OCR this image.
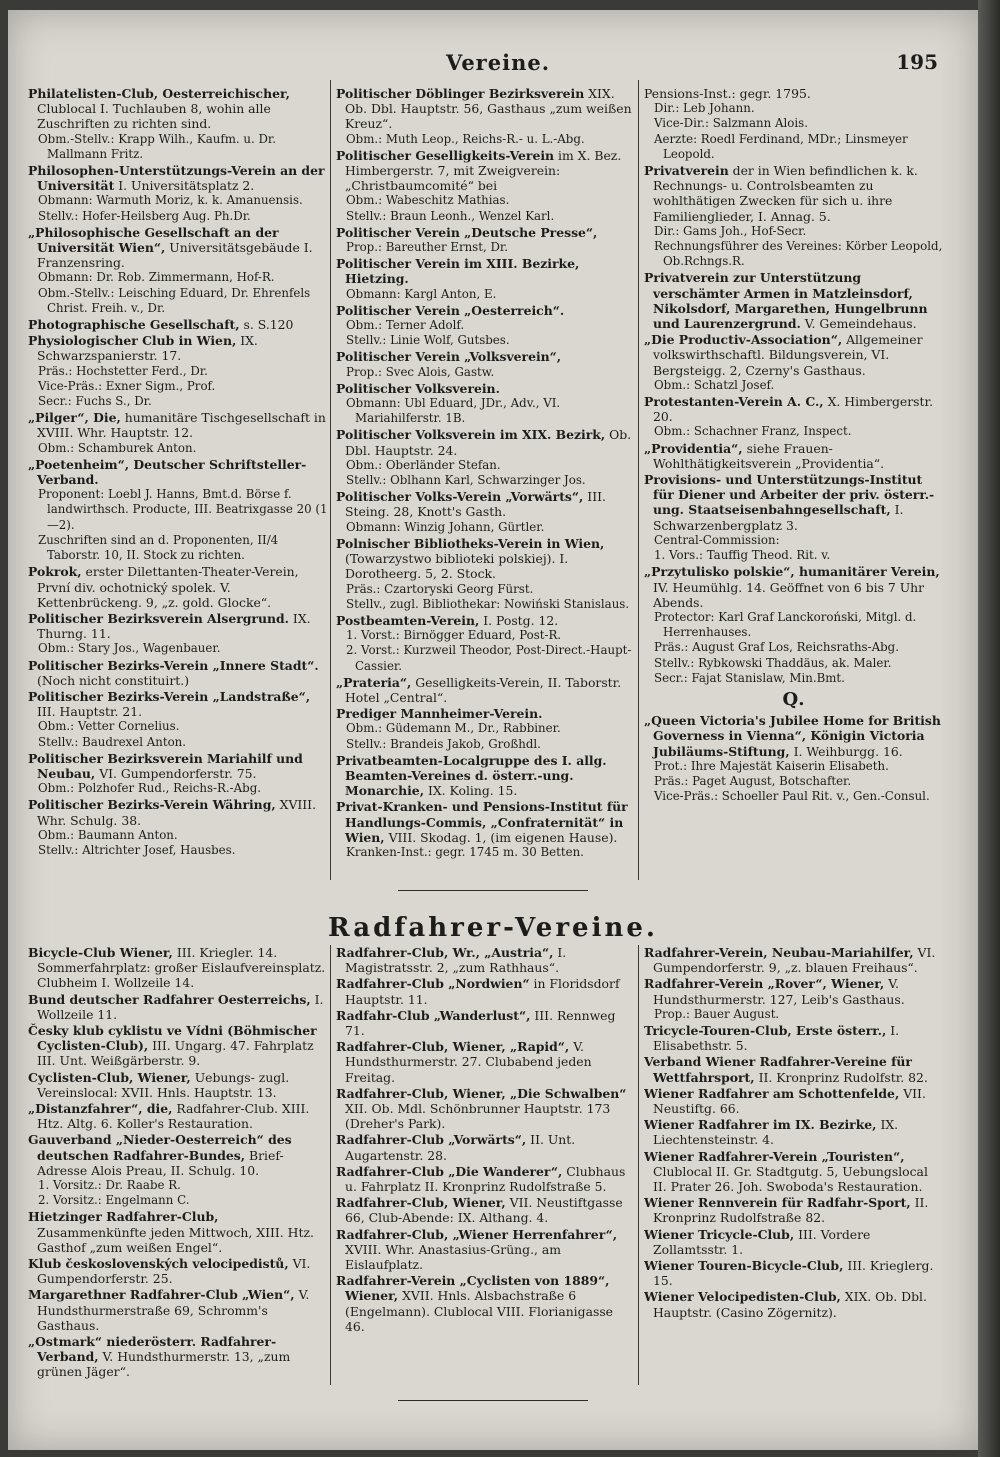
Vereine.	195
Philatelisten-Club, Oesterreichischer, Clublocal I. Tuchlauben 8, wohin alle Zuschriften zu richten sind.
Obm.-Stellv.: Krapp Wilh., Kaufm. u. Dr. Mallmann Fritz.
Philosophen-Unterstützungs-Verein an der Universität I. Universitätsplatz 2.
Obmann: Warmuth Moriz, k. k. Amanuensis.
Stellv.: Hofer-Heilsberg Aug. Ph.Dr.
„Philosophische Gesellschaft an der Universität Wien“, Universitätsgebäude I. Franzensring.
Obmann: Dr. Rob. Zimmermann, Hof-R.
Obm.-Stellv.: Leisching Eduard, Dr. Ehrenfels Christ. Freih. v., Dr.
Photographische Gesellschaft, s. S.120
Physiologischer Club in Wien, IX. Schwarzspanierstr. 17.
Präs.: Hochstetter Ferd., Dr.
Vice-Präs.: Exner Sigm., Prof.
Secr.: Fuchs S., Dr.
„Pilger“, Die, humanitäre Tischgesellschaft in XVIII. Whr. Hauptstr. 12.
Obm.: Schamburek Anton.
„Poetenheim“, Deutscher Schriftsteller-Verband.
Proponent: Loebl J. Hanns, Bmt.d. Börse f. landwirthsch. Producte, III. Beatrixgasse 20 (1—2).
Zuschriften sind an d. Proponenten, II/4 Taborstr. 10, II. Stock zu richten.
Pokrok, erster Dilettanten-Theater-Verein, První div. ochotnický spolek. V. Kettenbrückeng. 9, „z. gold. Glocke“.
Politischer Bezirksverein Alsergrund. IX. Thurng. 11.
Obm.: Stary Jos., Wagenbauer.
Politischer Bezirks-Verein „Innere Stadt“. (Noch nicht constituirt.)
Politischer Bezirks-Verein „Landstraße“, III. Hauptstr. 21.
Obm.: Vetter Cornelius.
Stellv.: Baudrexel Anton.
Politischer Bezirksverein Mariahilf und Neubau, VI. Gumpendorferstr. 75.
Obm.: Polzhofer Rud., Reichs-R.-Abg.
Politischer Bezirks-Verein Währing, XVIII. Whr. Schulg. 38.
Obm.: Baumann Anton.
Stellv.: Altrichter Josef, Hausbes.
Politischer Döblinger Bezirksverein XIX. Ob. Dbl. Hauptstr. 56, Gasthaus „zum weißen Kreuz“.
Obm.: Muth Leop., Reichs-R.- u. L.-Abg.
Politischer Geselligkeits-Verein im X. Bez. Himbergerstr. 7, mit Zweigverein: „Christbaumcomité“ bei
Obm.: Wabeschitz Mathias.
Stellv.: Braun Leonh., Wenzel Karl.
Politischer Verein „Deutsche Presse“,
Prop.: Bareuther Ernst, Dr.
Politischer Verein im XIII. Bezirke, Hietzing.
Obmann: Kargl Anton, E.
Politischer Verein „Oesterreich“.
Obm.: Terner Adolf.
Stellv.: Linie Wolf, Gutsbes.
Politischer Verein „Volksverein“,
Prop.: Svec Alois, Gastw.
Politischer Volksverein.
Obmann: Ubl Eduard, JDr., Adv., VI. Mariahilferstr. 1B.
Politischer Volksverein im XIX. Bezirk, Ob. Dbl. Hauptstr. 24.
Obm.: Oberländer Stefan.
Stellv.: Oblhann Karl, Schwarzinger Jos.
Politischer Volks-Verein „Vorwärts“, III. Steing. 28, Knott's Gasth.
Obmann: Winzig Johann, Gürtler.
Polnischer Bibliotheks-Verein in Wien, (Towarzystwo biblioteki polskiej). I. Dorotheerg. 5, 2. Stock.
Präs.: Czartoryski Georg Fürst.
Stellv., zugl. Bibliothekar: Nowiński Stanislaus.
Postbeamten-Verein, I. Postg. 12.
1. Vorst.: Birnögger Eduard, Post-R.
2. Vorst.: Kurzweil Theodor, Post-Direct.-Haupt-Cassier.
„Prateria“, Geselligkeits-Verein, II. Taborstr. Hotel „Central“.
Prediger Mannheimer-Verein.
Obm.: Güdemann M., Dr., Rabbiner.
Stellv.: Brandeis Jakob, Großhdl.
Privatbeamten-Localgruppe des I. allg. Beamten-Vereines d. österr.-ung. Monarchie, IX. Koling. 15.
Privat-Kranken- und Pensions-Institut für Handlungs-Commis, „Confraternität“ in Wien, VIII. Skodag. 1, (im eigenen Hause).
Kranken-Inst.: gegr. 1745 m. 30 Betten.
Pensions-Inst.: gegr. 1795.
Dir.: Leb Johann.
Vice-Dir.: Salzmann Alois.
Aerzte: Roedl Ferdinand, MDr.; Linsmeyer Leopold.
Privatverein der in Wien befindlichen k. k. Rechnungs- u. Controlsbeamten zu wohlthätigen Zwecken für sich u. ihre Familienglieder, I. Annag. 5.
Dir.: Gams Joh., Hof-Secr.
Rechnungsführer des Vereines: Körber Leopold, Ob.Rchngs.R.
Privatverein zur Unterstützung verschämter Armen in Matzleinsdorf, Nikolsdorf, Margarethen, Hungelbrunn und Laurenzergrund. V. Gemeindehaus.
„Die Productiv-Association“, Allgemeiner volkswirthschaftl. Bildungsverein, VI. Bergsteigg. 2, Czerny's Gasthaus.
Obm.: Schatzl Josef.
Protestanten-Verein A. C., X. Himbergerstr. 20.
Obm.: Schachner Franz, Inspect.
„Providentia“, siehe Frauen-Wohlthätigkeitsverein „Providentia“.
Provisions- und Unterstützungs-Institut für Diener und Arbeiter der priv. österr.-ung. Staatseisenbahngesellschaft, I. Schwarzenbergplatz 3.
Central-Commission:
1. Vors.: Tauffig Theod. Rit. v.
„Przytulisko polskie“, humanitärer Verein, IV. Heumühlg. 14. Geöffnet von 6 bis 7 Uhr Abends.
Protector: Karl Graf Lanckoroński, Mitgl. d. Herrenhauses.
Präs.: August Graf Los, Reichsraths-Abg.
Stellv.: Rybkowski Thaddäus, ak. Maler.
Secr.: Fajat Stanislaw, Min.Bmt.
Q.
„Queen Victoria's Jubilee Home for British Governess in Vienna“, Königin Victoria Jubiläums-Stiftung, I. Weihburgg. 16.
Prot.: Ihre Majestät Kaiserin Elisabeth.
Präs.: Paget August, Botschafter.
Vice-Präs.: Schoeller Paul Rit. v., Gen.-Consul.
Radfahrer-Vereine.
Bicycle-Club Wiener, III. Kriegler. 14. Sommerfahrplatz: großer Eislaufvereinsplatz. Clubheim I. Wollzeile 14.
Bund deutscher Radfahrer Oesterreichs, I. Wollzeile 11.
Česky klub cyklistu ve Vídni (Böhmischer Cyclisten-Club), III. Ungarg. 47. Fahrplatz III. Unt. Weißgärberstr. 9.
Cyclisten-Club, Wiener, Uebungs- zugl. Vereinslocal: XVII. Hnls. Hauptstr. 13.
„Distanzfahrer“, die, Radfahrer-Club. XIII. Htz. Altg. 6. Koller's Restauration.
Gauverband „Nieder-Oesterreich“ des deutschen Radfahrer-Bundes, Brief-Adresse Alois Preau, II. Schulg. 10.
1. Vorsitz.: Dr. Raabe R.
2. Vorsitz.: Engelmann C.
Hietzinger Radfahrer-Club, Zusammenkünfte jeden Mittwoch, XIII. Htz. Gasthof „zum weißen Engel“.
Klub československých velocipedistů, VI. Gumpendorferstr. 25.
Margarethner Radfahrer-Club „Wien“, V. Hundsthurmerstraße 69, Schromm's Gasthaus.
„Ostmark“ niederösterr. Radfahrer-Verband, V. Hundsthurmerstr. 13, „zum grünen Jäger“.
Radfahrer-Club, Wr., „Austria“, I. Magistratsstr. 2, „zum Rathhaus“.
Radfahrer-Club „Nordwien“ in Floridsdorf Hauptstr. 11.
Radfahr-Club „Wanderlust“, III. Rennweg 71.
Radfahrer-Club, Wiener, „Rapid“, V. Hundsthurmerstr. 27. Clubabend jeden Freitag.
Radfahrer-Club, Wiener, „Die Schwalben“ XII. Ob. Mdl. Schönbrunner Hauptstr. 173 (Dreher's Park).
Radfahrer-Club „Vorwärts“, II. Unt. Augartenstr. 28.
Radfahrer-Club „Die Wanderer“, Clubhaus u. Fahrplatz II. Kronprinz Rudolfstraße 5.
Radfahrer-Club, Wiener, VII. Neustiftgasse 66, Club-Abende: IX. Althang. 4.
Radfahrer-Club, „Wiener Herrenfahrer“, XVIII. Whr. Anastasius-Grüng., am Eislaufplatz.
Radfahrer-Verein „Cyclisten von 1889“, Wiener, XVII. Hnls. Alsbachstraße 6 (Engelmann). Clublocal VIII. Florianigasse 46.
Radfahrer-Verein, Neubau-Mariahilfer, VI. Gumpendorferstr. 9, „z. blauen Freihaus“.
Radfahrer-Verein „Rover“, Wiener, V. Hundsthurmerstr. 127, Leib's Gasthaus.
Prop.: Bauer August.
Tricycle-Touren-Club, Erste österr., I. Elisabethstr. 5.
Verband Wiener Radfahrer-Vereine für Wettfahrsport, II. Kronprinz Rudolfstr. 82.
Wiener Radfahrer am Schottenfelde, VII. Neustiftg. 66.
Wiener Radfahrer im IX. Bezirke, IX. Liechtensteinstr. 4.
Wiener Radfahrer-Verein „Touristen“, Clublocal II. Gr. Stadtgutg. 5, Uebungslocal II. Prater 26. Joh. Swoboda's Restauration.
Wiener Rennverein für Radfahr-Sport, II. Kronprinz Rudolfstraße 82.
Wiener Tricycle-Club, III. Vordere Zollamtsstr. 1.
Wiener Touren-Bicycle-Club, III. Krieglerg. 15.
Wiener Velocipedisten-Club, XIX. Ob. Dbl. Hauptstr. (Casino Zögernitz).
